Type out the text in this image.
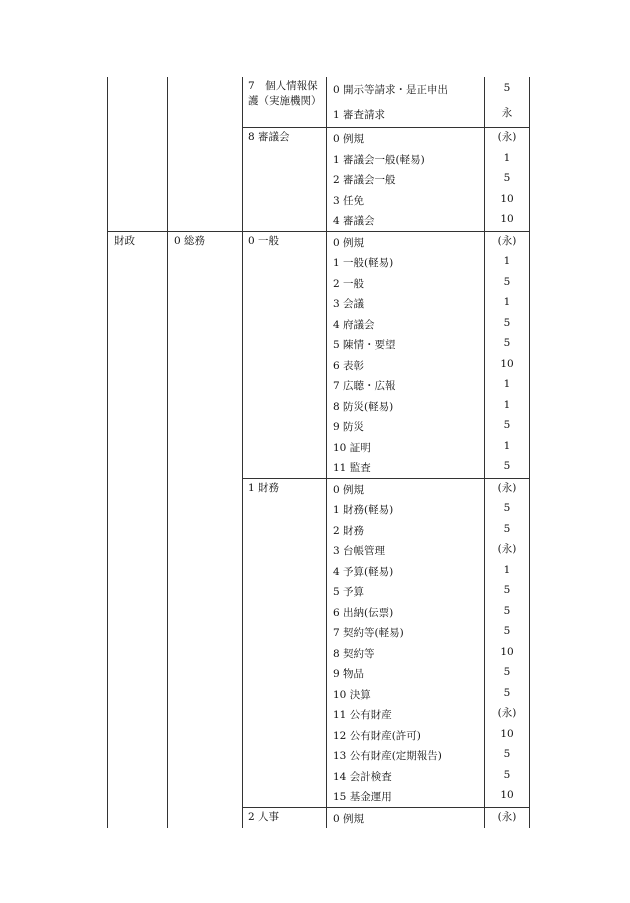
		7　個人情報保護（実施機関）	0 開示等請求・是正申出	5

			1 審査請求	永

		8 審議会	0 例規	(永)

			1 審議会一般(軽易)	1

			2 審議会一般	5

			3 任免	10

			4 審議会	10

財政	0 総務	0 一般	0 例規	(永)

			1 一般(軽易)	1

			2 一般	5

			3 会議	1

			4 府議会	5

			5 陳情・要望	5

			6 表彰	10

			7 広聴・広報	1

			8 防災(軽易)	1

			9 防災	5

			10 証明	1

			11 監査	5

		1 財務	0 例規	(永)

			1 財務(軽易)	5

			2 財務	5

			3 台帳管理	(永)

			4 予算(軽易)	1

			5 予算	5

			6 出納(伝票)	5

			7 契約等(軽易)	5

			8 契約等	10

			9 物品	5

			10 決算	5

			11 公有財産	(永)

			12 公有財産(許可)	10

			13 公有財産(定期報告)	5

			14 会計検査	5

			15 基金運用	10

		2 人事	0 例規	(永)
